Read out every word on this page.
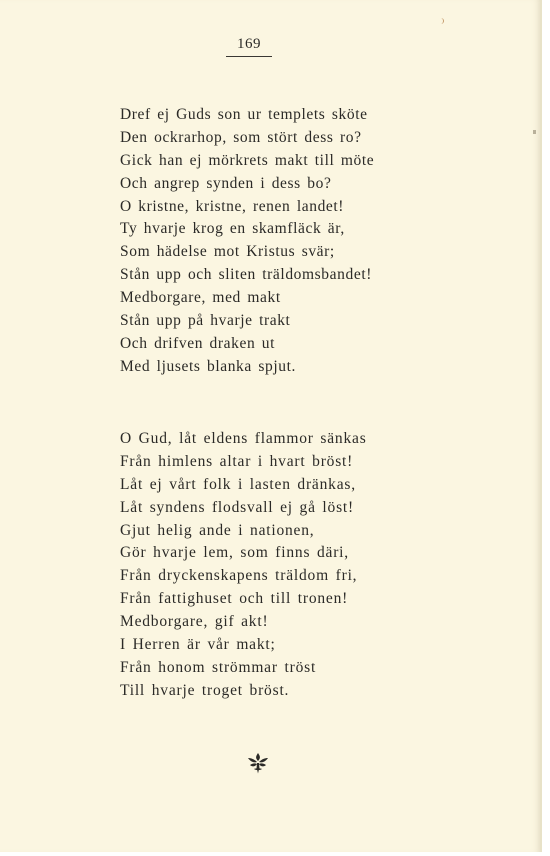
169
Dref ej Guds son ur templets sköte
Den ockrarhop, som stört dess ro?
Gick han ej mörkrets makt till möte
Och angrep synden i dess bo?
O kristne, kristne, renen landet!
Ty hvarje krog en skamfläck är,
Som hädelse mot Kristus svär;
Stån upp och sliten träldomsbandet!
Medborgare, med makt
Stån upp på hvarje trakt
Och drifven draken ut
Med ljusets blanka spjut.
O Gud, låt eldens flammor sänkas
Från himlens altar i hvart bröst!
Låt ej vårt folk i lasten dränkas,
Låt syndens flodsvall ej gå löst!
Gjut helig ande i nationen,
Gör hvarje lem, som finns däri,
Från dryckenskapens träldom fri,
Från fattighuset och till tronen!
Medborgare, gif akt!
I Herren är vår makt;
Från honom strömmar tröst
Till hvarje troget bröst.
